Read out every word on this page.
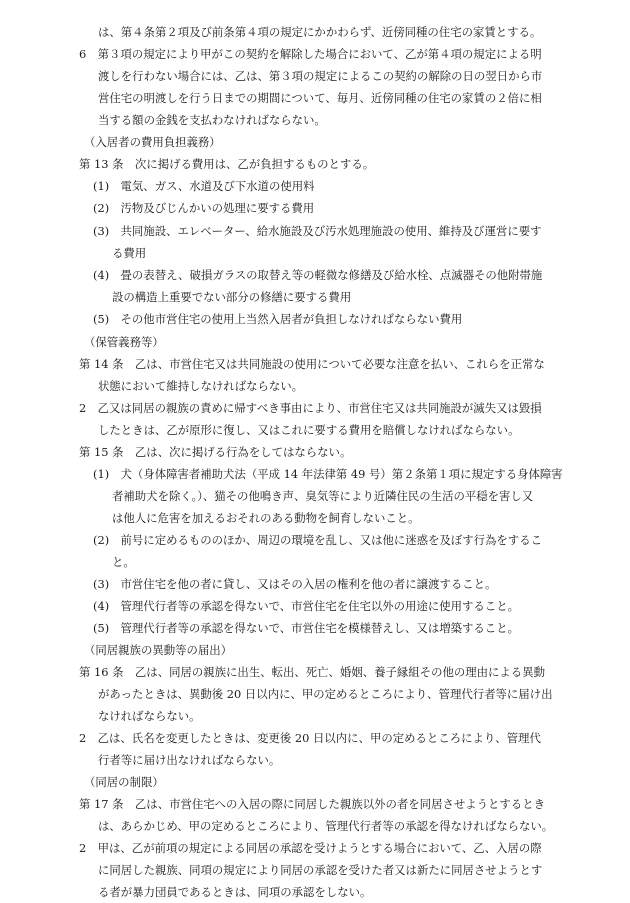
は、第４条第２項及び前条第４項の規定にかかわらず、近傍同種の住宅の家賃とする。
6　第３項の規定により甲がこの契約を解除した場合において、乙が第４項の規定による明
渡しを行わない場合には、乙は、第３項の規定によるこの契約の解除の日の翌日から市
営住宅の明渡しを行う日までの期間について、毎月、近傍同種の住宅の家賃の２倍に相
当する額の金銭を支払わなければならない。
（入居者の費用負担義務）
第 13 条　次に掲げる費用は、乙が負担するものとする。
(1)　電気、ガス、水道及び下水道の使用料
(2)　汚物及びじんかいの処理に要する費用
(3)　共同施設、エレベーター、給水施設及び汚水処理施設の使用、維持及び運営に要す
る費用
(4)　畳の表替え、破損ガラスの取替え等の軽微な修繕及び給水栓、点滅器その他附帯施
設の構造上重要でない部分の修繕に要する費用
(5)　その他市営住宅の使用上当然入居者が負担しなければならない費用
（保管義務等）
第 14 条　乙は、市営住宅又は共同施設の使用について必要な注意を払い、これらを正常な
状態において維持しなければならない。
2　乙又は同居の親族の責めに帰すべき事由により、市営住宅又は共同施設が滅失又は毀損
したときは、乙が原形に復し、又はこれに要する費用を賠償しなければならない。
第 15 条　乙は、次に掲げる行為をしてはならない。
(1)　犬（身体障害者補助犬法（平成 14 年法律第 49 号）第２条第１項に規定する身体障害
者補助犬を除く。）、猫その他鳴き声、臭気等により近隣住民の生活の平穏を害し又
は他人に危害を加えるおそれのある動物を飼育しないこと。
(2)　前号に定めるもののほか、周辺の環境を乱し、又は他に迷惑を及ぼす行為をするこ
と。
(3)　市営住宅を他の者に貸し、又はその入居の権利を他の者に譲渡すること。
(4)　管理代行者等の承認を得ないで、市営住宅を住宅以外の用途に使用すること。
(5)　管理代行者等の承認を得ないで、市営住宅を模様替えし、又は増築すること。
（同居親族の異動等の届出）
第 16 条　乙は、同居の親族に出生、転出、死亡、婚姻、養子縁組その他の理由による異動
があったときは、異動後 20 日以内に、甲の定めるところにより、管理代行者等に届け出
なければならない。
2　乙は、氏名を変更したときは、変更後 20 日以内に、甲の定めるところにより、管理代
行者等に届け出なければならない。
（同居の制限）
第 17 条　乙は、市営住宅への入居の際に同居した親族以外の者を同居させようとするとき
は、あらかじめ、甲の定めるところにより、管理代行者等の承認を得なければならない。
2　甲は、乙が前項の規定による同居の承認を受けようとする場合において、乙、入居の際
に同居した親族、同項の規定により同居の承認を受けた者又は新たに同居させようとす
る者が暴力団員であるときは、同項の承認をしない。
